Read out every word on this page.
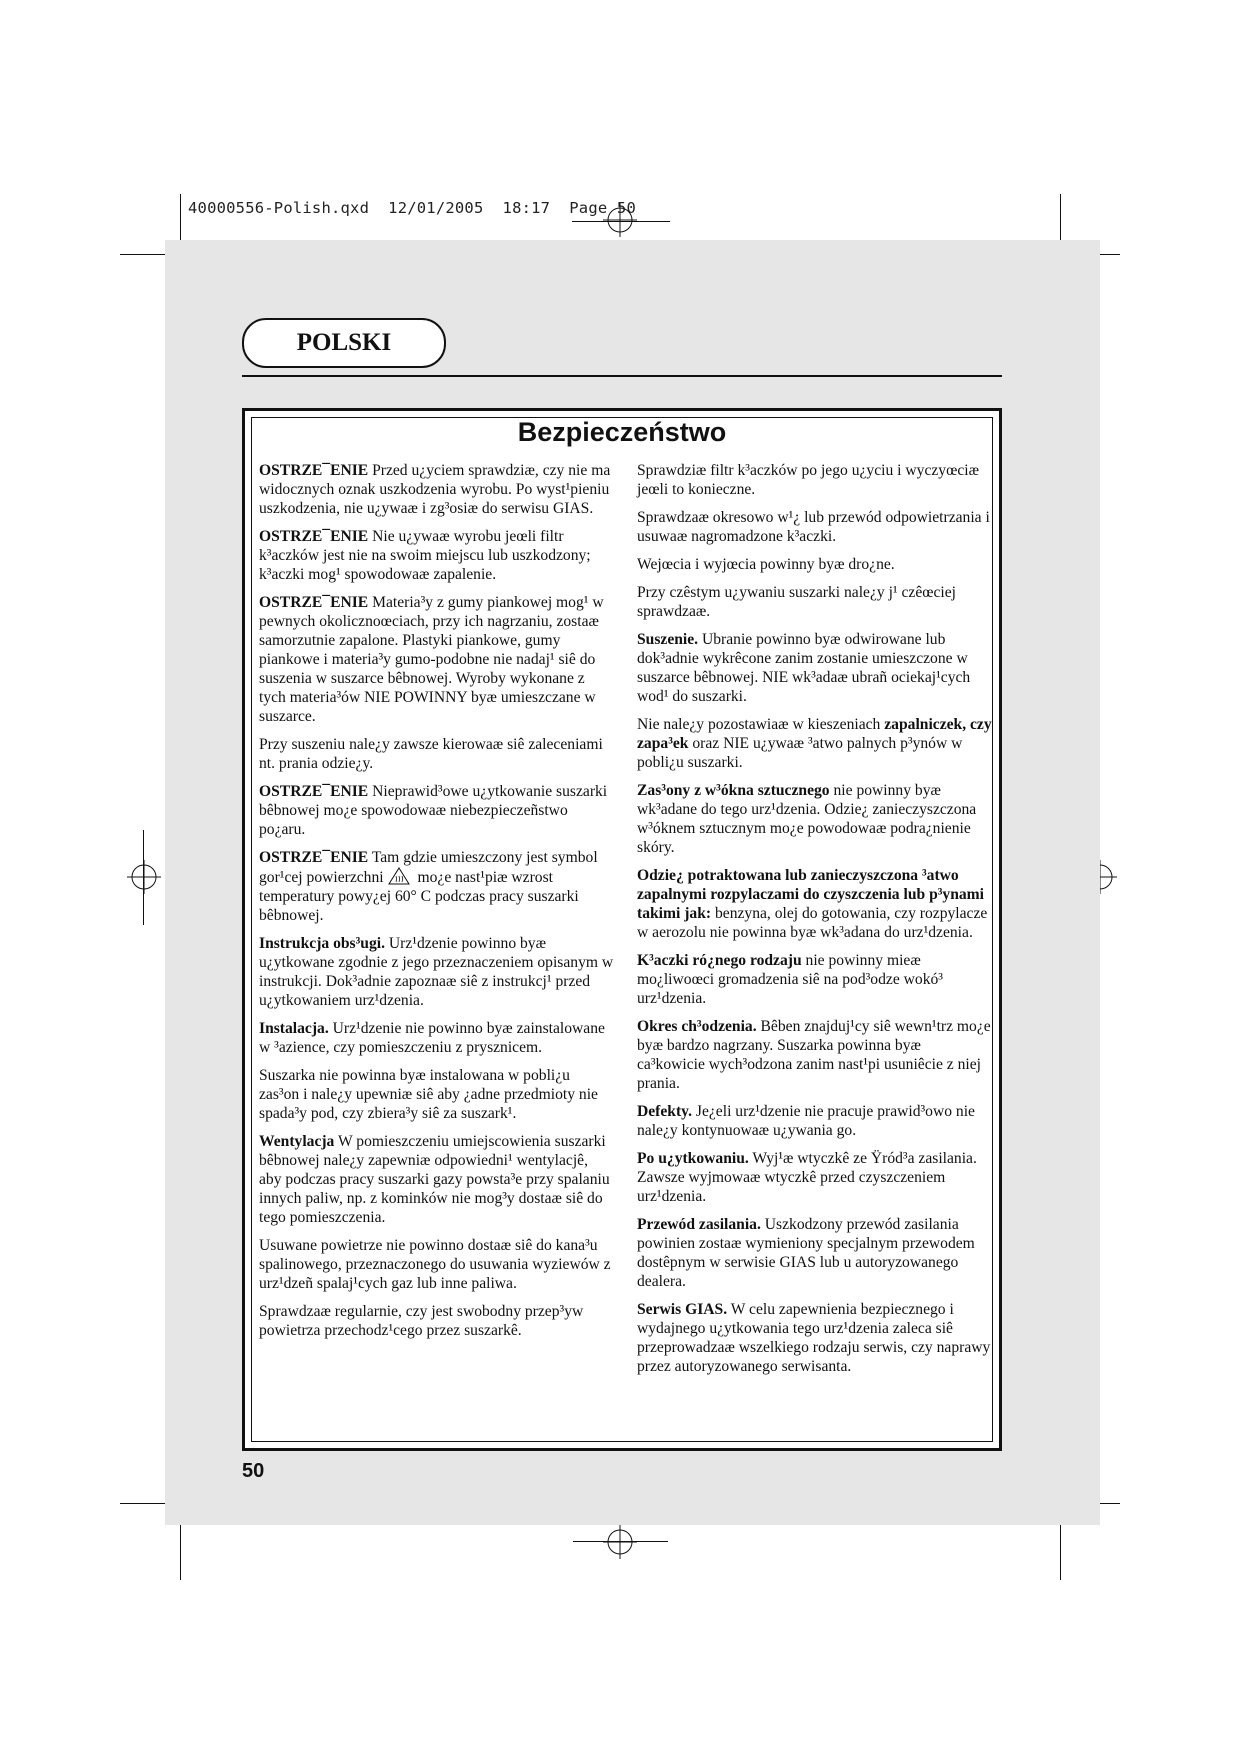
40000556-Polish.qxd  12/01/2005  18:17  Page 50
POLSKI
Bezpieczeństwo

OSTRZE¯ENIE Przed u¿yciem sprawdziæ, czy nie ma widocznych oznak uszkodzenia wyrobu. Po wyst¹pieniu uszkodzenia, nie u¿ywaæ i zg³osiæ do serwisu GIAS.

OSTRZE¯ENIE Nie u¿ywaæ wyrobu jeœli filtr k³aczków jest nie na swoim miejscu lub uszkodzony; k³aczki mog¹ spowodowaæ zapalenie.

OSTRZE¯ENIE Materia³y z gumy piankowej mog¹ w pewnych okolicznoœciach, przy ich nagrzaniu, zostaæ samorzutnie zapalone. Plastyki piankowe, gumy piankowe i materia³y gumo-podobne nie nadaj¹ siê do suszenia w suszarce bêbnowej. Wyroby wykonane z tych materia³ów NIE POWINNY byæ umieszczane w suszarce.

Przy suszeniu nale¿y zawsze kierowaæ siê zaleceniami nt. prania odzie¿y.

OSTRZE¯ENIE Nieprawid³owe u¿ytkowanie suszarki bêbnowej mo¿e spowodowaæ niebezpieczeñstwo po¿aru.

OSTRZE¯ENIE Tam gdzie umieszczony jest symbol gor¹cej powierzchni mo¿e nast¹piæ wzrost temperatury powy¿ej 60° C podczas pracy suszarki bêbnowej.

Instrukcja obs³ugi. Urz¹dzenie powinno byæ u¿ytkowane zgodnie z jego przeznaczeniem opisanym w instrukcji. Dok³adnie zapoznaæ siê z instrukcj¹ przed u¿ytkowaniem urz¹dzenia.

Instalacja. Urz¹dzenie nie powinno byæ zainstalowane w ³azience, czy pomieszczeniu z prysznicem.

Suszarka nie powinna byæ instalowana w pobli¿u zas³on i nale¿y upewniæ siê aby ¿adne przedmioty nie spada³y pod, czy zbiera³y siê za suszark¹.

Wentylacja W pomieszczeniu umiejscowienia suszarki bêbnowej nale¿y zapewniæ odpowiedni¹ wentylacjê, aby podczas pracy suszarki gazy powsta³e przy spalaniu innych paliw, np. z kominków nie mog³y dostaæ siê do tego pomieszczenia.

Usuwane powietrze nie powinno dostaæ siê do kana³u spalinowego, przeznaczonego do usuwania wyziewów z urz¹dzeñ spalaj¹cych gaz lub inne paliwa.

Sprawdzaæ regularnie, czy jest swobodny przep³yw powietrza przechodz¹cego przez suszarkê.

Sprawdziæ filtr k³aczków po jego u¿yciu i wyczyœciæ jeœli to konieczne.

Sprawdzaæ okresowo w¹¿ lub przewód odpowietrzania i usuwaæ nagromadzone k³aczki.

Wejœcia i wyjœcia powinny byæ dro¿ne.

Przy czêstym u¿ywaniu suszarki nale¿y j¹ czêœciej sprawdzaæ.

Suszenie. Ubranie powinno byæ odwirowane lub dok³adnie wykrêcone zanim zostanie umieszczone w suszarce bêbnowej. NIE wk³adaæ ubrañ ociekaj¹cych wod¹ do suszarki.

Nie nale¿y pozostawiaæ w kieszeniach zapalniczek, czy zapa³ek oraz NIE u¿ywaæ ³atwo palnych p³ynów w pobli¿u suszarki.

Zas³ony z w³ókna sztucznego nie powinny byæ wk³adane do tego urz¹dzenia. Odzie¿ zanieczyszczona w³óknem sztucznym mo¿e powodowaæ podra¿nienie skóry.

Odzie¿ potraktowana lub zanieczyszczona ³atwo zapalnymi rozpylaczami do czyszczenia lub p³ynami takimi jak: benzyna, olej do gotowania, czy rozpylacze w aerozolu nie powinna byæ wk³adana do urz¹dzenia.

K³aczki ró¿nego rodzaju nie powinny mieæ mo¿liwoœci gromadzenia siê na pod³odze wokó³ urz¹dzenia.

Okres ch³odzenia. Bêben znajduj¹cy siê wewn¹trz mo¿e byæ bardzo nagrzany. Suszarka powinna byæ ca³kowicie wych³odzona zanim nast¹pi usuniêcie z niej prania.

Defekty. Je¿eli urz¹dzenie nie pracuje prawid³owo nie nale¿y kontynuowaæ u¿ywania go.

Po u¿ytkowaniu. Wyj¹æ wtyczkê ze Ÿród³a zasilania. Zawsze wyjmowaæ wtyczkê przed czyszczeniem urz¹dzenia.

Przewód zasilania. Uszkodzony przewód zasilania powinien zostaæ wymieniony specjalnym przewodem dostêpnym w serwisie GIAS lub u autoryzowanego dealera.

Serwis GIAS. W celu zapewnienia bezpiecznego i wydajnego u¿ytkowania tego urz¹dzenia zaleca siê przeprowadzaæ wszelkiego rodzaju serwis, czy naprawy przez autoryzowanego serwisanta.

50
